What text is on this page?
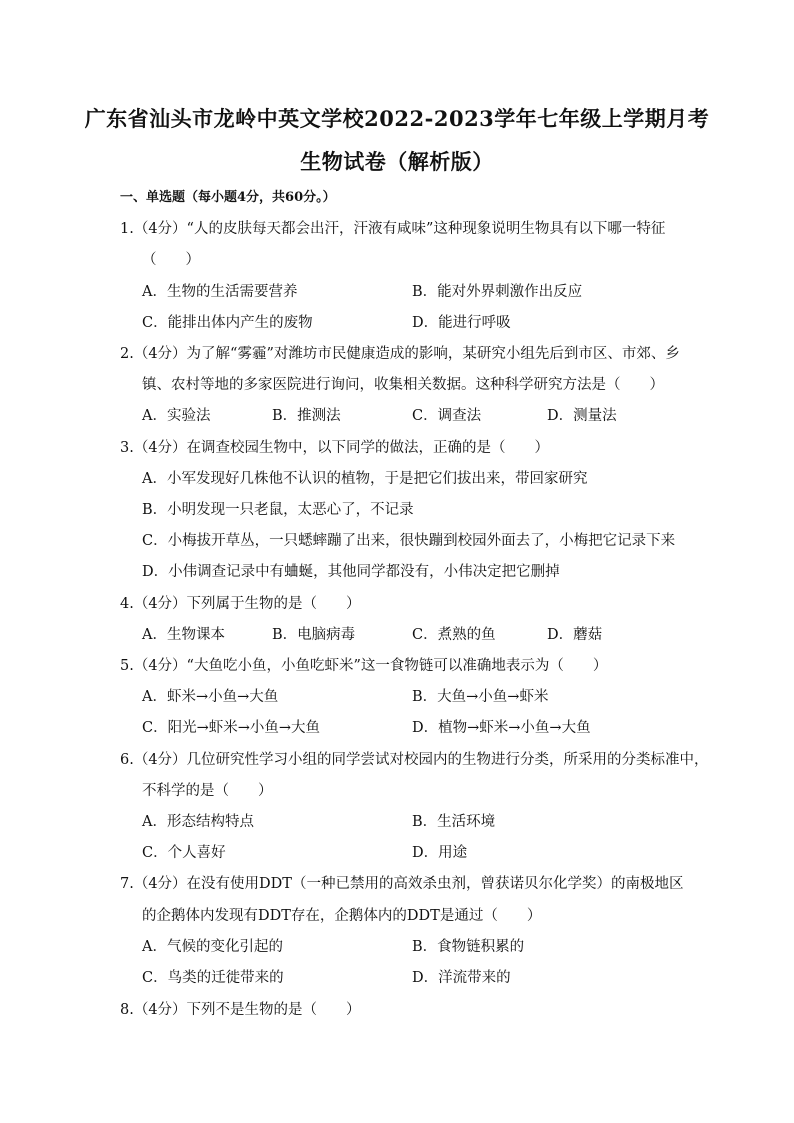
广东省汕头市龙岭中英文学校2022-2023学年七年级上学期月考
生物试卷（解析版）
一、单选题（每小题4分，共60分。）
1.（4分）“人的皮肤每天都会出汗，汗液有咸味”这种现象说明生物具有以下哪一特征
（　　）
A．生物的生活需要营养	B．能对外界刺激作出反应
C．能排出体内产生的废物	D．能进行呼吸
2.（4分）为了解“雾霾”对潍坊市民健康造成的影响，某研究小组先后到市区、市郊、乡
镇、农村等地的多家医院进行询问，收集相关数据。这种科学研究方法是（　　）
A．实验法	B．推测法	C．调查法	D．测量法
3.（4分）在调查校园生物中，以下同学的做法，正确的是（　　）
A．小军发现好几株他不认识的植物，于是把它们拔出来，带回家研究
B．小明发现一只老鼠，太恶心了，不记录
C．小梅拔开草丛，一只蟋蟀蹦了出来，很快蹦到校园外面去了，小梅把它记录下来
D．小伟调查记录中有蛐蜒，其他同学都没有，小伟决定把它删掉
4.（4分）下列属于生物的是（　　）
A．生物课本	B．电脑病毒	C．煮熟的鱼	D．蘑菇
5.（4分）“大鱼吃小鱼，小鱼吃虾米”这一食物链可以准确地表示为（　　）
A．虾米→小鱼→大鱼	B．大鱼→小鱼→虾米
C．阳光→虾米→小鱼→大鱼	D．植物→虾米→小鱼→大鱼
6.（4分）几位研究性学习小组的同学尝试对校园内的生物进行分类，所采用的分类标准中，
不科学的是（　　）
A．形态结构特点	B．生活环境
C．个人喜好	D．用途
7.（4分）在没有使用DDT（一种已禁用的高效杀虫剂，曾获诺贝尔化学奖）的南极地区
的企鹅体内发现有DDT存在，企鹅体内的DDT是通过（　　）
A．气候的变化引起的	B．食物链积累的
C．鸟类的迁徙带来的	D．洋流带来的
8.（4分）下列不是生物的是（　　）
